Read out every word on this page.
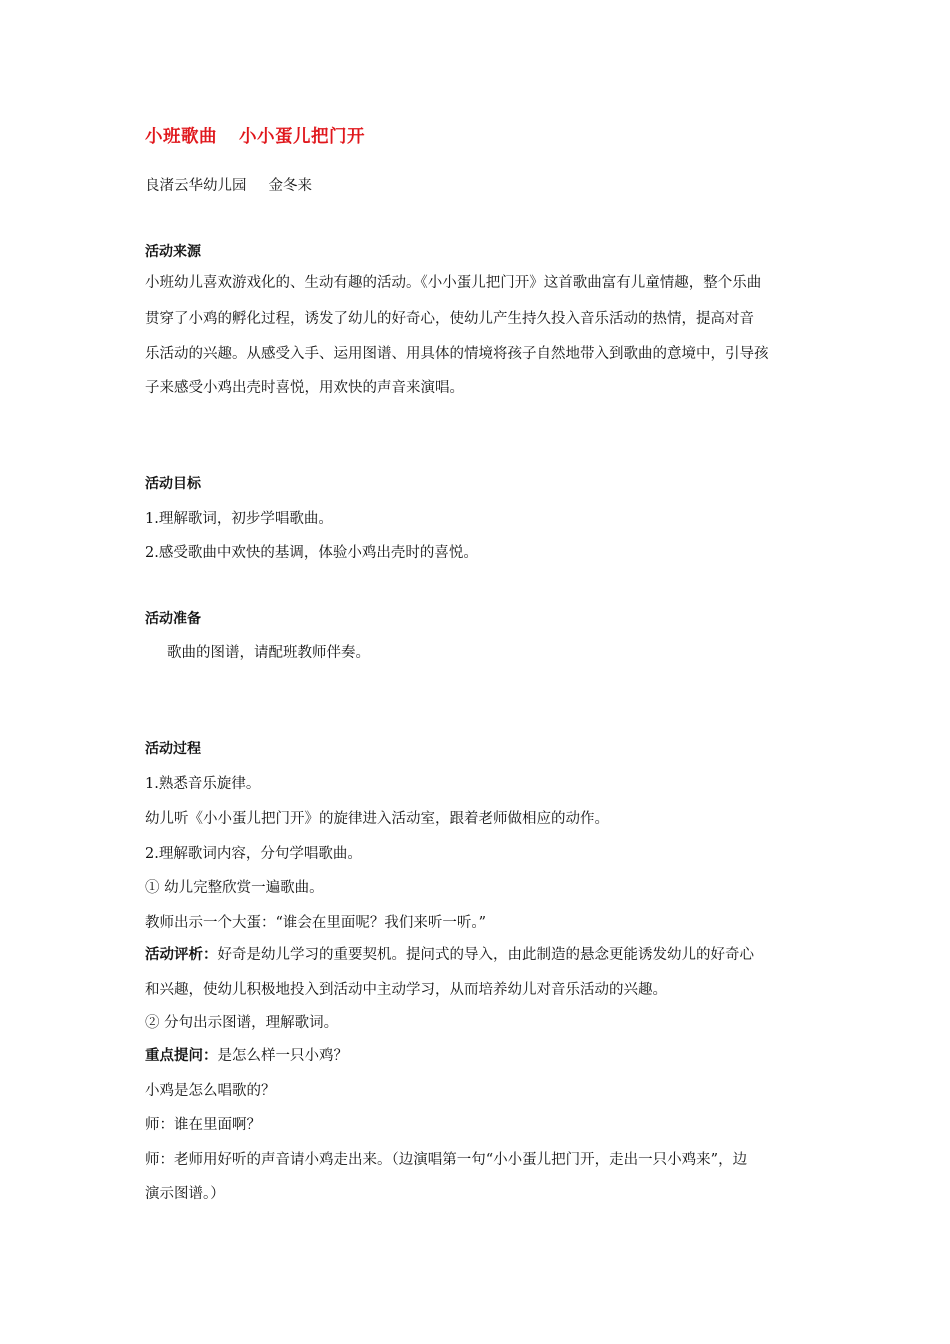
小班歌曲 小小蛋儿把门开
良渚云华幼儿园 金冬来
活动来源
小班幼儿喜欢游戏化的、生动有趣的活动。《小小蛋儿把门开》这首歌曲富有儿童情趣，整个乐曲
贯穿了小鸡的孵化过程，诱发了幼儿的好奇心，使幼儿产生持久投入音乐活动的热情，提高对音
乐活动的兴趣。从感受入手、运用图谱、用具体的情境将孩子自然地带入到歌曲的意境中，引导孩
子来感受小鸡出壳时喜悦，用欢快的声音来演唱。
活动目标
1.理解歌词，初步学唱歌曲。
2.感受歌曲中欢快的基调，体验小鸡出壳时的喜悦。
活动准备
歌曲的图谱，请配班教师伴奏。
活动过程
1.熟悉音乐旋律。
幼儿听《小小蛋儿把门开》的旋律进入活动室，跟着老师做相应的动作。
2.理解歌词内容，分句学唱歌曲。
① 幼儿完整欣赏一遍歌曲。
教师出示一个大蛋：“谁会在里面呢？我们来听一听。”
活动评析：好奇是幼儿学习的重要契机。提问式的导入，由此制造的悬念更能诱发幼儿的好奇心
和兴趣，使幼儿积极地投入到活动中主动学习，从而培养幼儿对音乐活动的兴趣。
② 分句出示图谱，理解歌词。
重点提问：是怎么样一只小鸡？
小鸡是怎么唱歌的？
师：谁在里面啊？
师：老师用好听的声音请小鸡走出来。（边演唱第一句“小小蛋儿把门开，走出一只小鸡来”，边
演示图谱。）
